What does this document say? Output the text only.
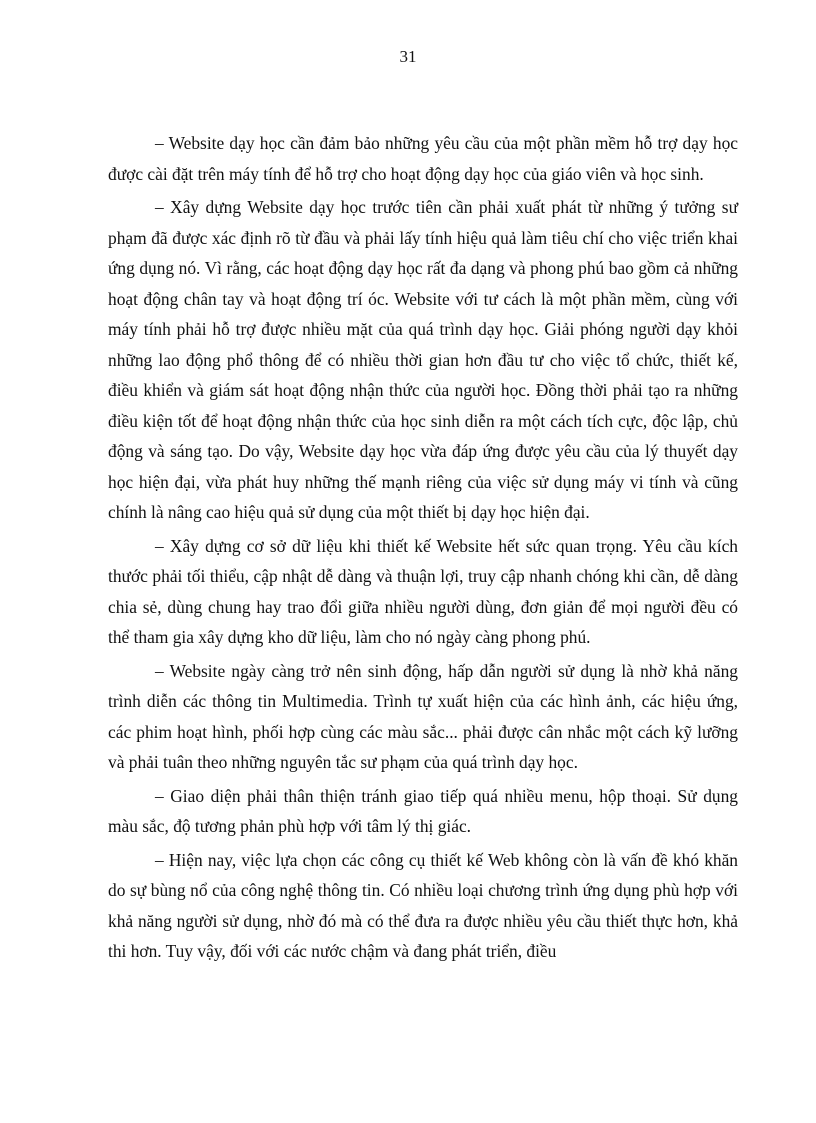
31

– Website dạy học cần đảm bảo những yêu cầu của một phần mềm hỗ trợ dạy học được cài đặt trên máy tính để hỗ trợ cho hoạt động dạy học của giáo viên và học sinh.

– Xây dựng Website dạy học trước tiên cần phải xuất phát từ những ý tưởng sư phạm đã được xác định rõ từ đầu và phải lấy tính hiệu quả làm tiêu chí cho việc triển khai ứng dụng nó. Vì rằng, các hoạt động dạy học rất đa dạng và phong phú bao gồm cả những hoạt động chân tay và hoạt động trí óc. Website với tư cách là một phần mềm, cùng với máy tính phải hỗ trợ được nhiều mặt của quá trình dạy học. Giải phóng người dạy khỏi những lao động phổ thông để có nhiều thời gian hơn đầu tư cho việc tổ chức, thiết kế, điều khiển và giám sát hoạt động nhận thức của người học. Đồng thời phải tạo ra những điều kiện tốt để hoạt động nhận thức của học sinh diễn ra một cách tích cực, độc lập, chủ động và sáng tạo. Do vậy, Website dạy học vừa đáp ứng được yêu cầu của lý thuyết dạy học hiện đại, vừa phát huy những thế mạnh riêng của việc sử dụng máy vi tính và cũng chính là nâng cao hiệu quả sử dụng của một thiết bị dạy học hiện đại.

– Xây dựng cơ sở dữ liệu khi thiết kế Website hết sức quan trọng. Yêu cầu kích thước phải tối thiểu, cập nhật dễ dàng và thuận lợi, truy cập nhanh chóng khi cần, dễ dàng chia sẻ, dùng chung hay trao đổi giữa nhiều người dùng, đơn giản để mọi người đều có thể tham gia xây dựng kho dữ liệu, làm cho nó ngày càng phong phú.

– Website ngày càng trở nên sinh động, hấp dẫn người sử dụng là nhờ khả năng trình diễn các thông tin Multimedia. Trình tự xuất hiện của các hình ảnh, các hiệu ứng, các phim hoạt hình, phối hợp cùng các màu sắc... phải được cân nhắc một cách kỹ lưỡng và phải tuân theo những nguyên tắc sư phạm của quá trình dạy học.

– Giao diện phải thân thiện tránh giao tiếp quá nhiều menu, hộp thoại. Sử dụng màu sắc, độ tương phản phù hợp với tâm lý thị giác.

– Hiện nay, việc lựa chọn các công cụ thiết kế Web không còn là vấn đề khó khăn do sự bùng nổ của công nghệ thông tin. Có nhiều loại chương trình ứng dụng phù hợp với khả năng người sử dụng, nhờ đó mà có thể đưa ra được nhiều yêu cầu thiết thực hơn, khả thi hơn. Tuy vậy, đối với các nước chậm và đang phát triển, điều
